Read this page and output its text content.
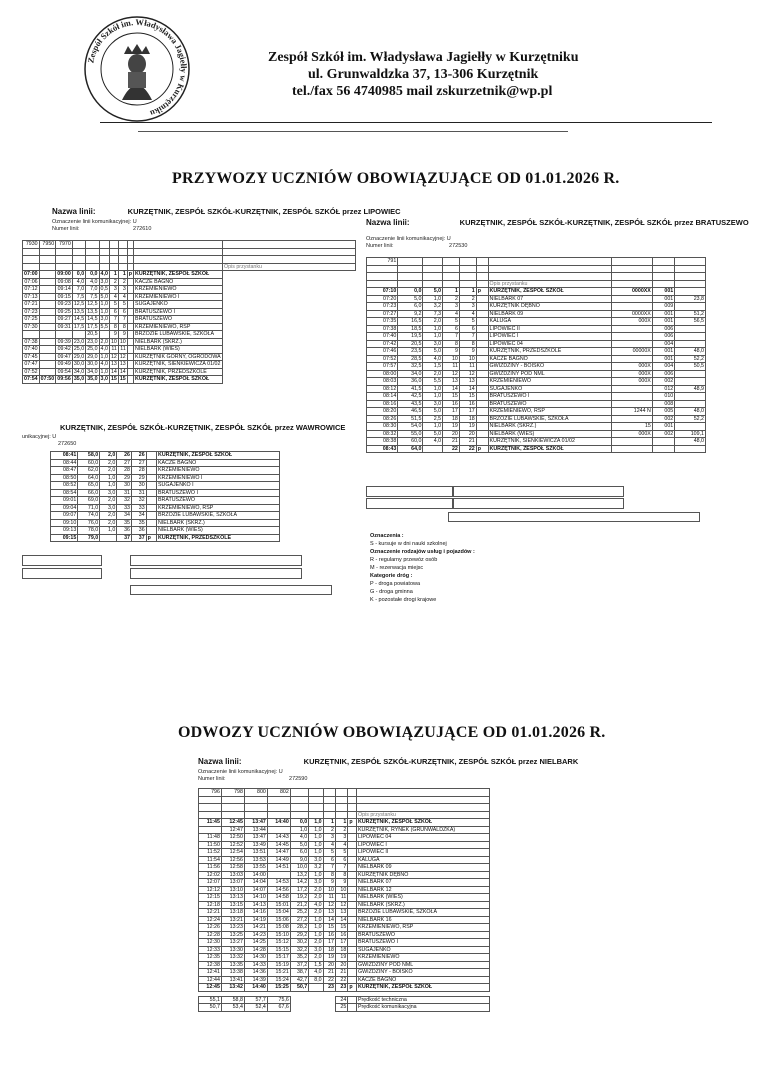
Zespół Szkół im. Władysława Jagiełły w Kurzętniku
Zespół Szkół im. Władysława Jagiełły w Kurzętniku
ul. Grunwaldzka 37, 13-306 Kurzętnik
tel./fax 56 4740985 mail zskurzetnik@wp.pl
PRZYWOZY UCZNIÓW OBOWIĄZUJĄCE OD 01.01.2026 R.
Nazwa linii:	KURZĘTNIK, ZESPÓŁ SZKÓŁ-KURZĘTNIK, ZESPÓŁ SZKÓŁ przez LIPOWIEC
Oznaczenie linii komunikacyjnej: U
Numer linii:	272610
7930	7950	7970								

										Opis przystanku
07:00		09:00	0,0	0,0	4,0	1	1	p	KURZĘTNIK, ZESPÓŁ SZKÓŁ	
07:06		09:08	4,0	4,0	3,0	2	2		KACZE BAGNO	
07:12		09:14	7,0	7,0	0,5	3	3		KRZEMIENIEWO	
07:13		09:15	7,5	7,5	5,0	4	4		KRZEMIENIEWO I	
07:21		09:23	12,5	12,5	1,0	5	5		SUGAJENKO	
07:23		09:25	13,5	13,5	1,0	6	6		BRATUSZEWO I	
07:25		09:27	14,5	14,5	3,0	7	7		BRATUSZEWO	
07:30		09:31	17,5	17,5	5,5	8	8		KRZEMIENIEWO, RSP	
				20,5		9	9		BRZOZIE LUBAWSKIE, SZKOŁA	
07:38		09:39	23,0	23,0	2,0	10	10		NIELBARK (SKRZ.)	
07:40		09:42	25,0	25,0	4,0	11	11		NIELBARK (WIEŚ)	
07:45		09:47	29,0	29,0	1,0	12	12		KURZĘTNIK GÓRNY, OGRODOWA	
07:47		09:49	30,0	30,0	4,0	13	13		KURZĘTNIK, SIENKIEWICZA 01/02	
07:52		09:54	34,0	34,0	1,0	14	14		KURZĘTNIK, PRZEDSZKOLE	
07:54	07:50	09:56	35,0	35,0	3,0	15	15		KURZĘTNIK, ZESPÓŁ SZKÓŁ	
Nazwa linii:	KURZĘTNIK, ZESPÓŁ SZKÓŁ-KURZĘTNIK, ZESPÓŁ SZKÓŁ przez BRATUSZEWO
Oznaczenie linii komunikacyjnej: U
Numer linii:	272530
791									

						Opis przystanku			
07:10	0,0	5,0	1	1	p	KURZĘTNIK, ZESPÓŁ SZKÓŁ	0000XX	001	
07:20	5,0	1,0	2	2		NIELBARK 07		001	23,8
07:23	6,0	3,2	3	3		KURZĘTNIK DĘBNO		009	
07:27	9,2	7,3	4	4		NIELBARK 09	0000XX	001	51,2
07:35	16,5	2,0	5	5		KALUGA	000X	001	56,5
07:38	18,5	1,0	6	6		LIPOWIEC II		006	
07:40	19,5	1,0	7	7		LIPOWIEC I		006	
07:42	20,5	3,0	8	8		LIPOWIEC 04		004	
07:46	23,5	5,0	9	9		KURZĘTNIK, PRZEDSZKOLE	00000X	001	48,0
07:52	28,5	4,0	10	10		KACZE BAGNO		001	52,2
07:57	32,5	1,5	11	11		GWIŹDZINY - BOISKO	000X	004	50,5
08:00	34,0	2,0	12	12		GWIŹDZINY POD NML	000X	006	
08:03	36,0	5,5	13	13		KRZEMIENIEWO	000X	002	
08:12	41,5	1,0	14	14		SUGAJENKO		012	48,9
08:14	42,5	1,0	15	15		BRATUSZEWO I		010	
08:16	43,5	3,0	16	16		BRATUSZEWO		008	
08:20	46,5	5,0	17	17		KRZEMIENIEWO, RSP	1244 N	005	48,0
08:26	51,5	2,5	18	18		BRZOZIE LUBAWSKIE, SZKOŁA		002	52,2
08:30	54,0	1,0	19	19		NIELBARK (SKRZ.)	15	001	
08:32	55,0	5,0	20	20		NIELBARK (WIEŚ)	000X	002	109,1
08:38	60,0	4,0	21	21		KURZĘTNIK, SIENKIEWICZA 01/02			48,0
08:43	64,0		22	22	p	KURZĘTNIK, ZESPÓŁ SZKÓŁ			
KURZĘTNIK, ZESPÓŁ SZKÓŁ-KURZĘTNIK, ZESPÓŁ SZKÓŁ przez WAWROWICE
unikacyjnej: U
272650
08:41	58,0	2,0	26	26		KURZĘTNIK, ZESPÓŁ SZKÓŁ
08:44	60,0	2,0	27	27		KACZE BAGNO
08:47	62,0	2,0	28	28		KRZEMIENIEWO
08:50	64,0	1,0	29	29		KRZEMIENIEWO I
08:52	65,0	1,0	30	30		SUGAJENKO I
08:54	66,0	3,0	31	31		BRATUSZEWO I
09:01	69,0	2,0	32	32		BRATUSZEWO
09:04	71,0	3,0	33	33		KRZEMIENIEWO, RSP
09:07	74,0	2,0	34	34		BRZOZIE LUBAWSKIE, SZKOŁA
09:10	76,0	2,0	35	35		NIELBARK (SKRZ.)
09:13	78,0	1,0	36	36		NIELBARK (WIEŚ)
09:15	79,0		37	37	p	KURZĘTNIK, PRZEDSZKOLE	Oznaczenia :
S - kursuje w dni nauki szkolnej
Oznaczenie rodzajów usług i pojazdów :
R - regularny przewóz osób
M - rezerwacja miejsc
Kategorie dróg :
P - droga powiatowa
G - droga gminna
K - pozostałe drogi krajowe
ODWOZY UCZNIÓW OBOWIĄZUJĄCE OD 01.01.2026 R.
Nazwa linii:	KURZĘTNIK, ZESPÓŁ SZKÓŁ-KURZĘTNIK, ZESPÓŁ SZKÓŁ przez NIELBARK
Oznaczenie linii komunikacyjnej: U
Numer linii:	272590
796	798	800	802						

									Opis przystanku
11:45	12:45	13:47	14:40	0,0	1,0	1	1	p	KURZĘTNIK, ZESPÓŁ SZKÓŁ
	12:47	13:44		1,0	1,0	2	2		KURZĘTNIK, RYNEK (GRUNWALDZKA)
11:48	12:50	13:47	14:43	4,0	1,0	3	3		LIPOWIEC 04
11:50	12:52	13:49	14:45	5,0	1,0	4	4		LIPOWIEC I
11:52	12:54	13:51	14:47	6,0	1,0	5	5		LIPOWIEC II
11:54	12:56	13:53	14:49	9,0	3,0	6	6		KALUGA
11:56	12:58	13:55	14:51	10,0	3,2	7	7		NIELBARK 09
12:02	13:03	14:00		13,2	1,0	8	8		KURZĘTNIK DĘBNO
12:07	13:07	14:04	14:53	14,2	3,0	9	9		NIELBARK 07
12:12	13:10	14:07	14:56	17,2	2,0	10	10		NIELBARK 12
12:15	13:13	14:10	14:58	19,2	2,0	11	11		NIELBARK (WIEŚ)
12:18	13:15	14:13	15:01	21,2	4,0	12	12		NIELBARK (SKRZ.)
12:21	13:18	14:16	15:04	25,2	2,0	13	13		BRZOZIE LUBAWSKIE, SZKOŁA
12:24	13:21	14:19	15:06	27,2	1,0	14	14		NIELBARK 16
12:26	13:23	14:21	15:08	28,2	1,0	15	15		KRZEMIENIEWO, RSP
12:28	13:25	14:23	15:10	29,2	1,0	16	16		BRATUSZEWO
12:30	13:27	14:25	15:12	30,2	2,0	17	17		BRATUSZEWO I
12:33	13:30	14:28	15:15	32,2	3,0	18	18		SUGAJENKO
12:35	13:32	14:30	15:17	35,2	2,0	19	19		KRZEMIENIEWO
12:38	13:35	14:33	15:19	37,2	1,5	20	20		GWIŹDZINY POD NML
12:41	13:38	14:36	15:21	38,7	4,0	21	21		GWIŹDZINY - BOISKO
12:44	13:41	14:39	15:24	42,7	8,0	22	22		KACZE BAGNO
12:45	13:42	14:40	15:25	50,7		23	23	p	KURZĘTNIK, ZESPÓŁ SZKÓŁ

55,1	58,8	57,7	75,6				24		Prędkość techniczna
50,7	53,4	52,4	67,6				25		Prędkość komunikacyjna
